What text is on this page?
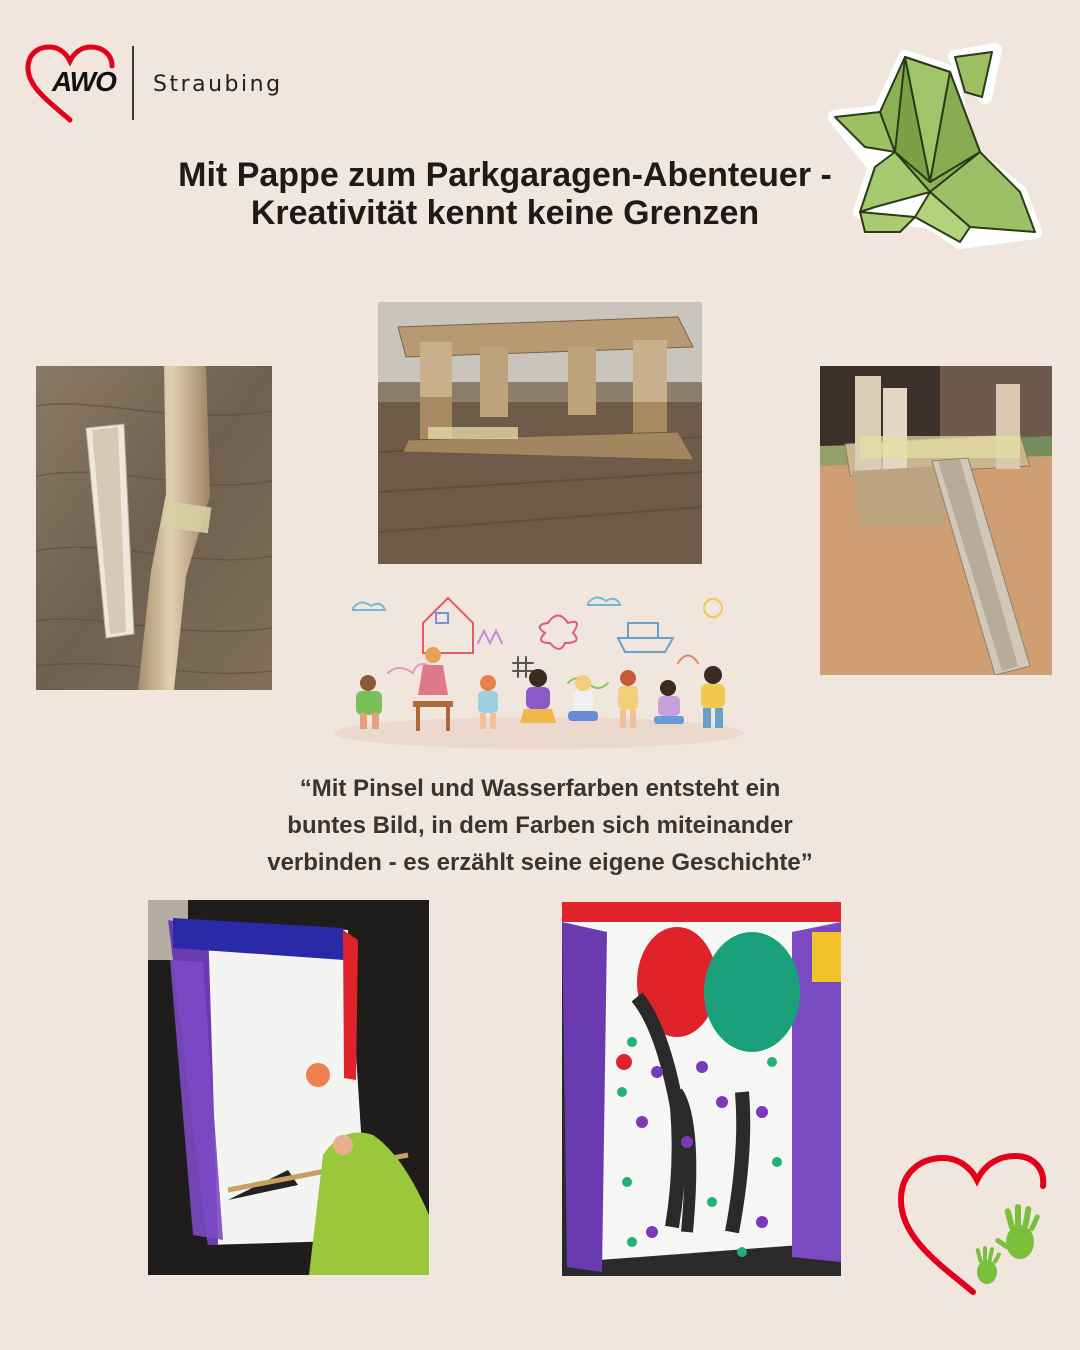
AWO Straubing
Mit Pappe zum Parkgaragen-Abenteuer -
Kreativität kennt keine Grenzen

“Mit Pinsel und Wasserfarben entsteht ein
buntes Bild, in dem Farben sich miteinander
verbinden - es erzählt seine eigene Geschichte”
